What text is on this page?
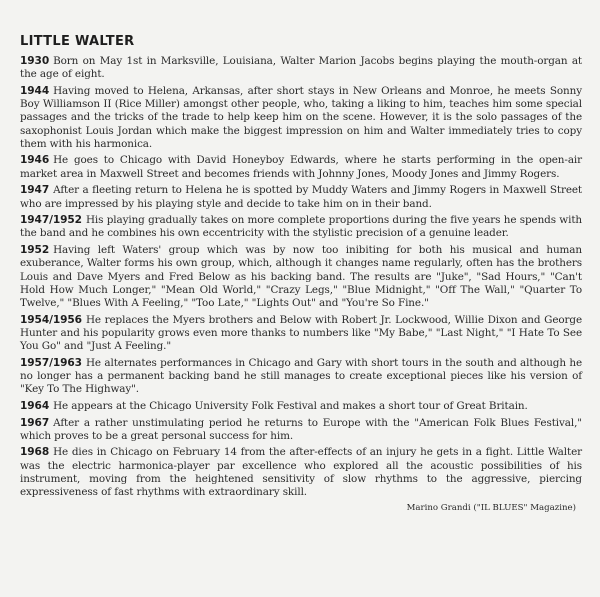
LITTLE WALTER

1930 Born on May 1st in Marksville, Louisiana, Walter Marion Jacobs begins playing the mouth-organ at the age of eight.

1944 Having moved to Helena, Arkansas, after short stays in New Orleans and Monroe, he meets Sonny Boy Williamson II (Rice Miller) amongst other people, who, taking a liking to him, teaches him some special passages and the tricks of the trade to help keep him on the scene. However, it is the solo passages of the saxophonist Louis Jordan which make the biggest impression on him and Walter immediately tries to copy them with his harmonica.

1946 He goes to Chicago with David Honeyboy Edwards, where he starts performing in the open-air market area in Maxwell Street and becomes friends with Johnny Jones, Moody Jones and Jimmy Rogers.

1947 After a fleeting return to Helena he is spotted by Muddy Waters and Jimmy Rogers in Maxwell Street who are impressed by his playing style and decide to take him on in their band.

1947/1952 His playing gradually takes on more complete proportions during the five years he spends with the band and he combines his own eccentricity with the stylistic precision of a genuine leader.

1952 Having left Waters' group which was by now too inibiting for both his musical and human exuberance, Walter forms his own group, which, although it changes name regularly, often has the brothers Louis and Dave Myers and Fred Below as his backing band. The results are "Juke", "Sad Hours," "Can't Hold How Much Longer," "Mean Old World," "Crazy Legs," "Blue Midnight," "Off The Wall," "Quarter To Twelve," "Blues With A Feeling," "Too Late," "Lights Out" and "You're So Fine."

1954/1956 He replaces the Myers brothers and Below with Robert Jr. Lockwood, Willie Dixon and George Hunter and his popularity grows even more thanks to numbers like "My Babe," "Last Night," "I Hate To See You Go" and "Just A Feeling."

1957/1963 He alternates performances in Chicago and Gary with short tours in the south and although he no longer has a permanent backing band he still manages to create exceptional pieces like his version of "Key To The Highway".

1964 He appears at the Chicago University Folk Festival and makes a short tour of Great Britain.

1967 After a rather unstimulating period he returns to Europe with the "American Folk Blues Festival," which proves to be a great personal success for him.

1968 He dies in Chicago on February 14 from the after-effects of an injury he gets in a fight. Little Walter was the electric harmonica-player par excellence who explored all the acoustic possibilities of his instrument, moving from the heightened sensitivity of slow rhythms to the aggressive, piercing expressiveness of fast rhythms with extraordinary skill.

Marino Grandi ("IL BLUES" Magazine)
